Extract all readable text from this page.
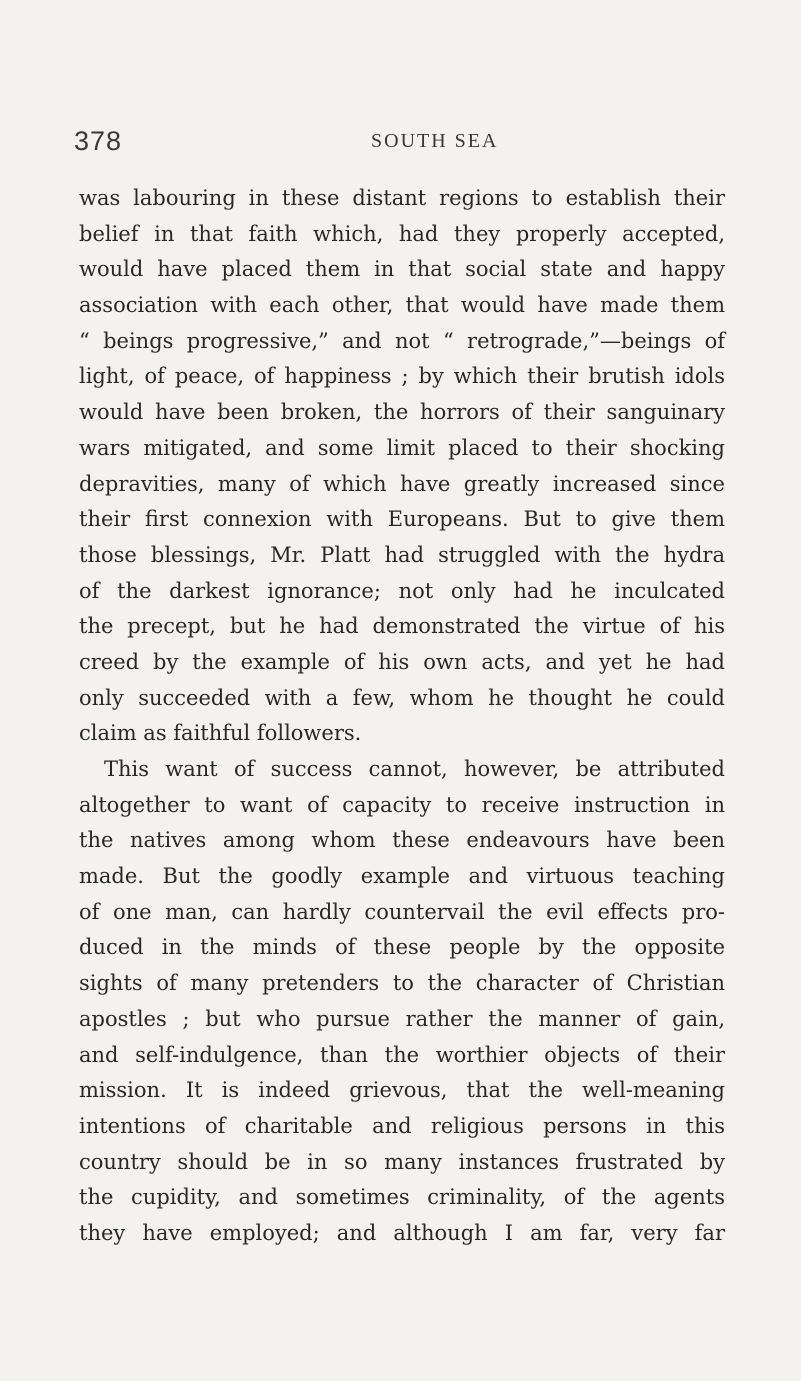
378	SOUTH SEA
was labouring in these distant regions to establish their
belief in that faith which, had they properly accepted,
would have placed them in that social state and happy
association with each other, that would have made them
“ beings progressive,” and not “ retrograde,”—beings of
light, of peace, of happiness ; by which their brutish idols
would have been broken, the horrors of their sanguinary
wars mitigated, and some limit placed to their shocking
depravities, many of which have greatly increased since
their first connexion with Europeans. But to give them
those blessings, Mr. Platt had struggled with the hydra
of the darkest ignorance; not only had he inculcated
the precept, but he had demonstrated the virtue of his
creed by the example of his own acts, and yet he had
only succeeded with a few, whom he thought he could
claim as faithful followers.
This want of success cannot, however, be attributed
altogether to want of capacity to receive instruction in
the natives among whom these endeavours have been
made. But the goodly example and virtuous teaching
of one man, can hardly countervail the evil effects pro-
duced in the minds of these people by the opposite
sights of many pretenders to the character of Christian
apostles ; but who pursue rather the manner of gain,
and self-indulgence, than the worthier objects of their
mission. It is indeed grievous, that the well-meaning
intentions of charitable and religious persons in this
country should be in so many instances frustrated by
the cupidity, and sometimes criminality, of the agents
they have employed; and although I am far, very far
